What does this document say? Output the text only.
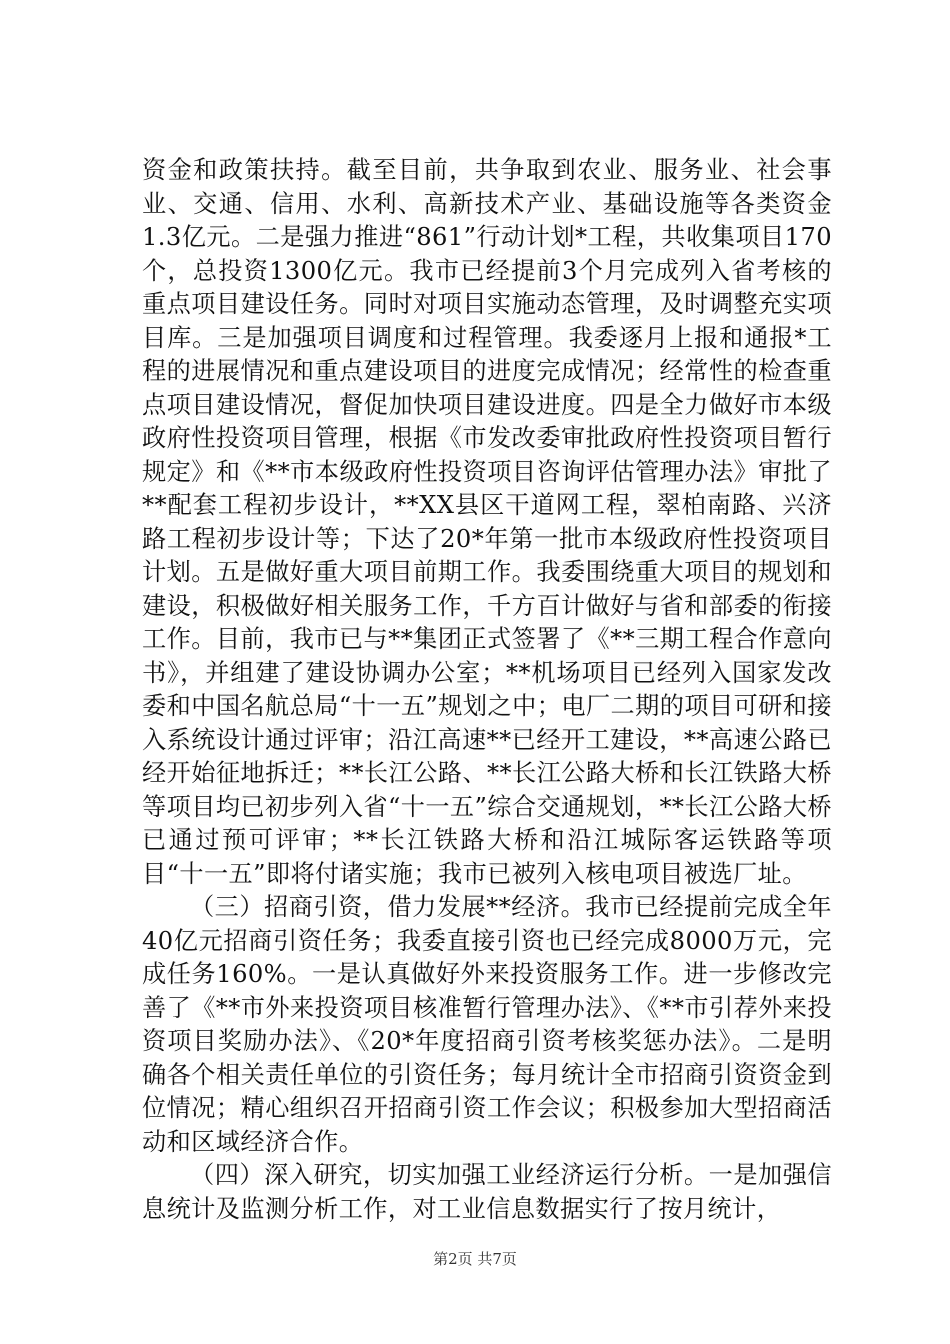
资金和政策扶持。截至目前，共争取到农业、服务业、社会事业、交通、信用、水利、高新技术产业、基础设施等各类资金1.3亿元。二是强力推进“861”行动计划*工程，共收集项目170个，总投资1300亿元。我市已经提前3个月完成列入省考核的重点项目建设任务。同时对项目实施动态管理，及时调整充实项目库。三是加强项目调度和过程管理。我委逐月上报和通报*工程的进展情况和重点建设项目的进度完成情况；经常性的检查重点项目建设情况，督促加快项目建设进度。四是全力做好市本级政府性投资项目管理，根据《市发改委审批政府性投资项目暂行规定》和《**市本级政府性投资项目咨询评估管理办法》审批了**配套工程初步设计，**XX县区干道网工程，翠柏南路、兴济路工程初步设计等；下达了20*年第一批市本级政府性投资项目计划。五是做好重大项目前期工作。我委围绕重大项目的规划和建设，积极做好相关服务工作，千方百计做好与省和部委的衔接工作。目前，我市已与**集团正式签署了《**三期工程合作意向书》，并组建了建设协调办公室；**机场项目已经列入国家发改委和中国名航总局“十一五”规划之中；电厂二期的项目可研和接入系统设计通过评审；沿江高速**已经开工建设，**高速公路已经开始征地拆迁；**长江公路、**长江公路大桥和长江铁路大桥等项目均已初步列入省“十一五”综合交通规划，**长江公路大桥已通过预可评审；**长江铁路大桥和沿江城际客运铁路等项目“十一五”即将付诸实施；我市已被列入核电项目被选厂址。

（三）招商引资，借力发展**经济。我市已经提前完成全年40亿元招商引资任务；我委直接引资也已经完成8000万元，完成任务160%。一是认真做好外来投资服务工作。进一步修改完善了《**市外来投资项目核准暂行管理办法》、《**市引荐外来投资项目奖励办法》、《20*年度招商引资考核奖惩办法》。二是明确各个相关责任单位的引资任务；每月统计全市招商引资资金到位情况；精心组织召开招商引资工作会议；积极参加大型招商活动和区域经济合作。

（四）深入研究，切实加强工业经济运行分析。一是加强信息统计及监测分析工作，对工业信息数据实行了按月统计，

第2页 共7页
